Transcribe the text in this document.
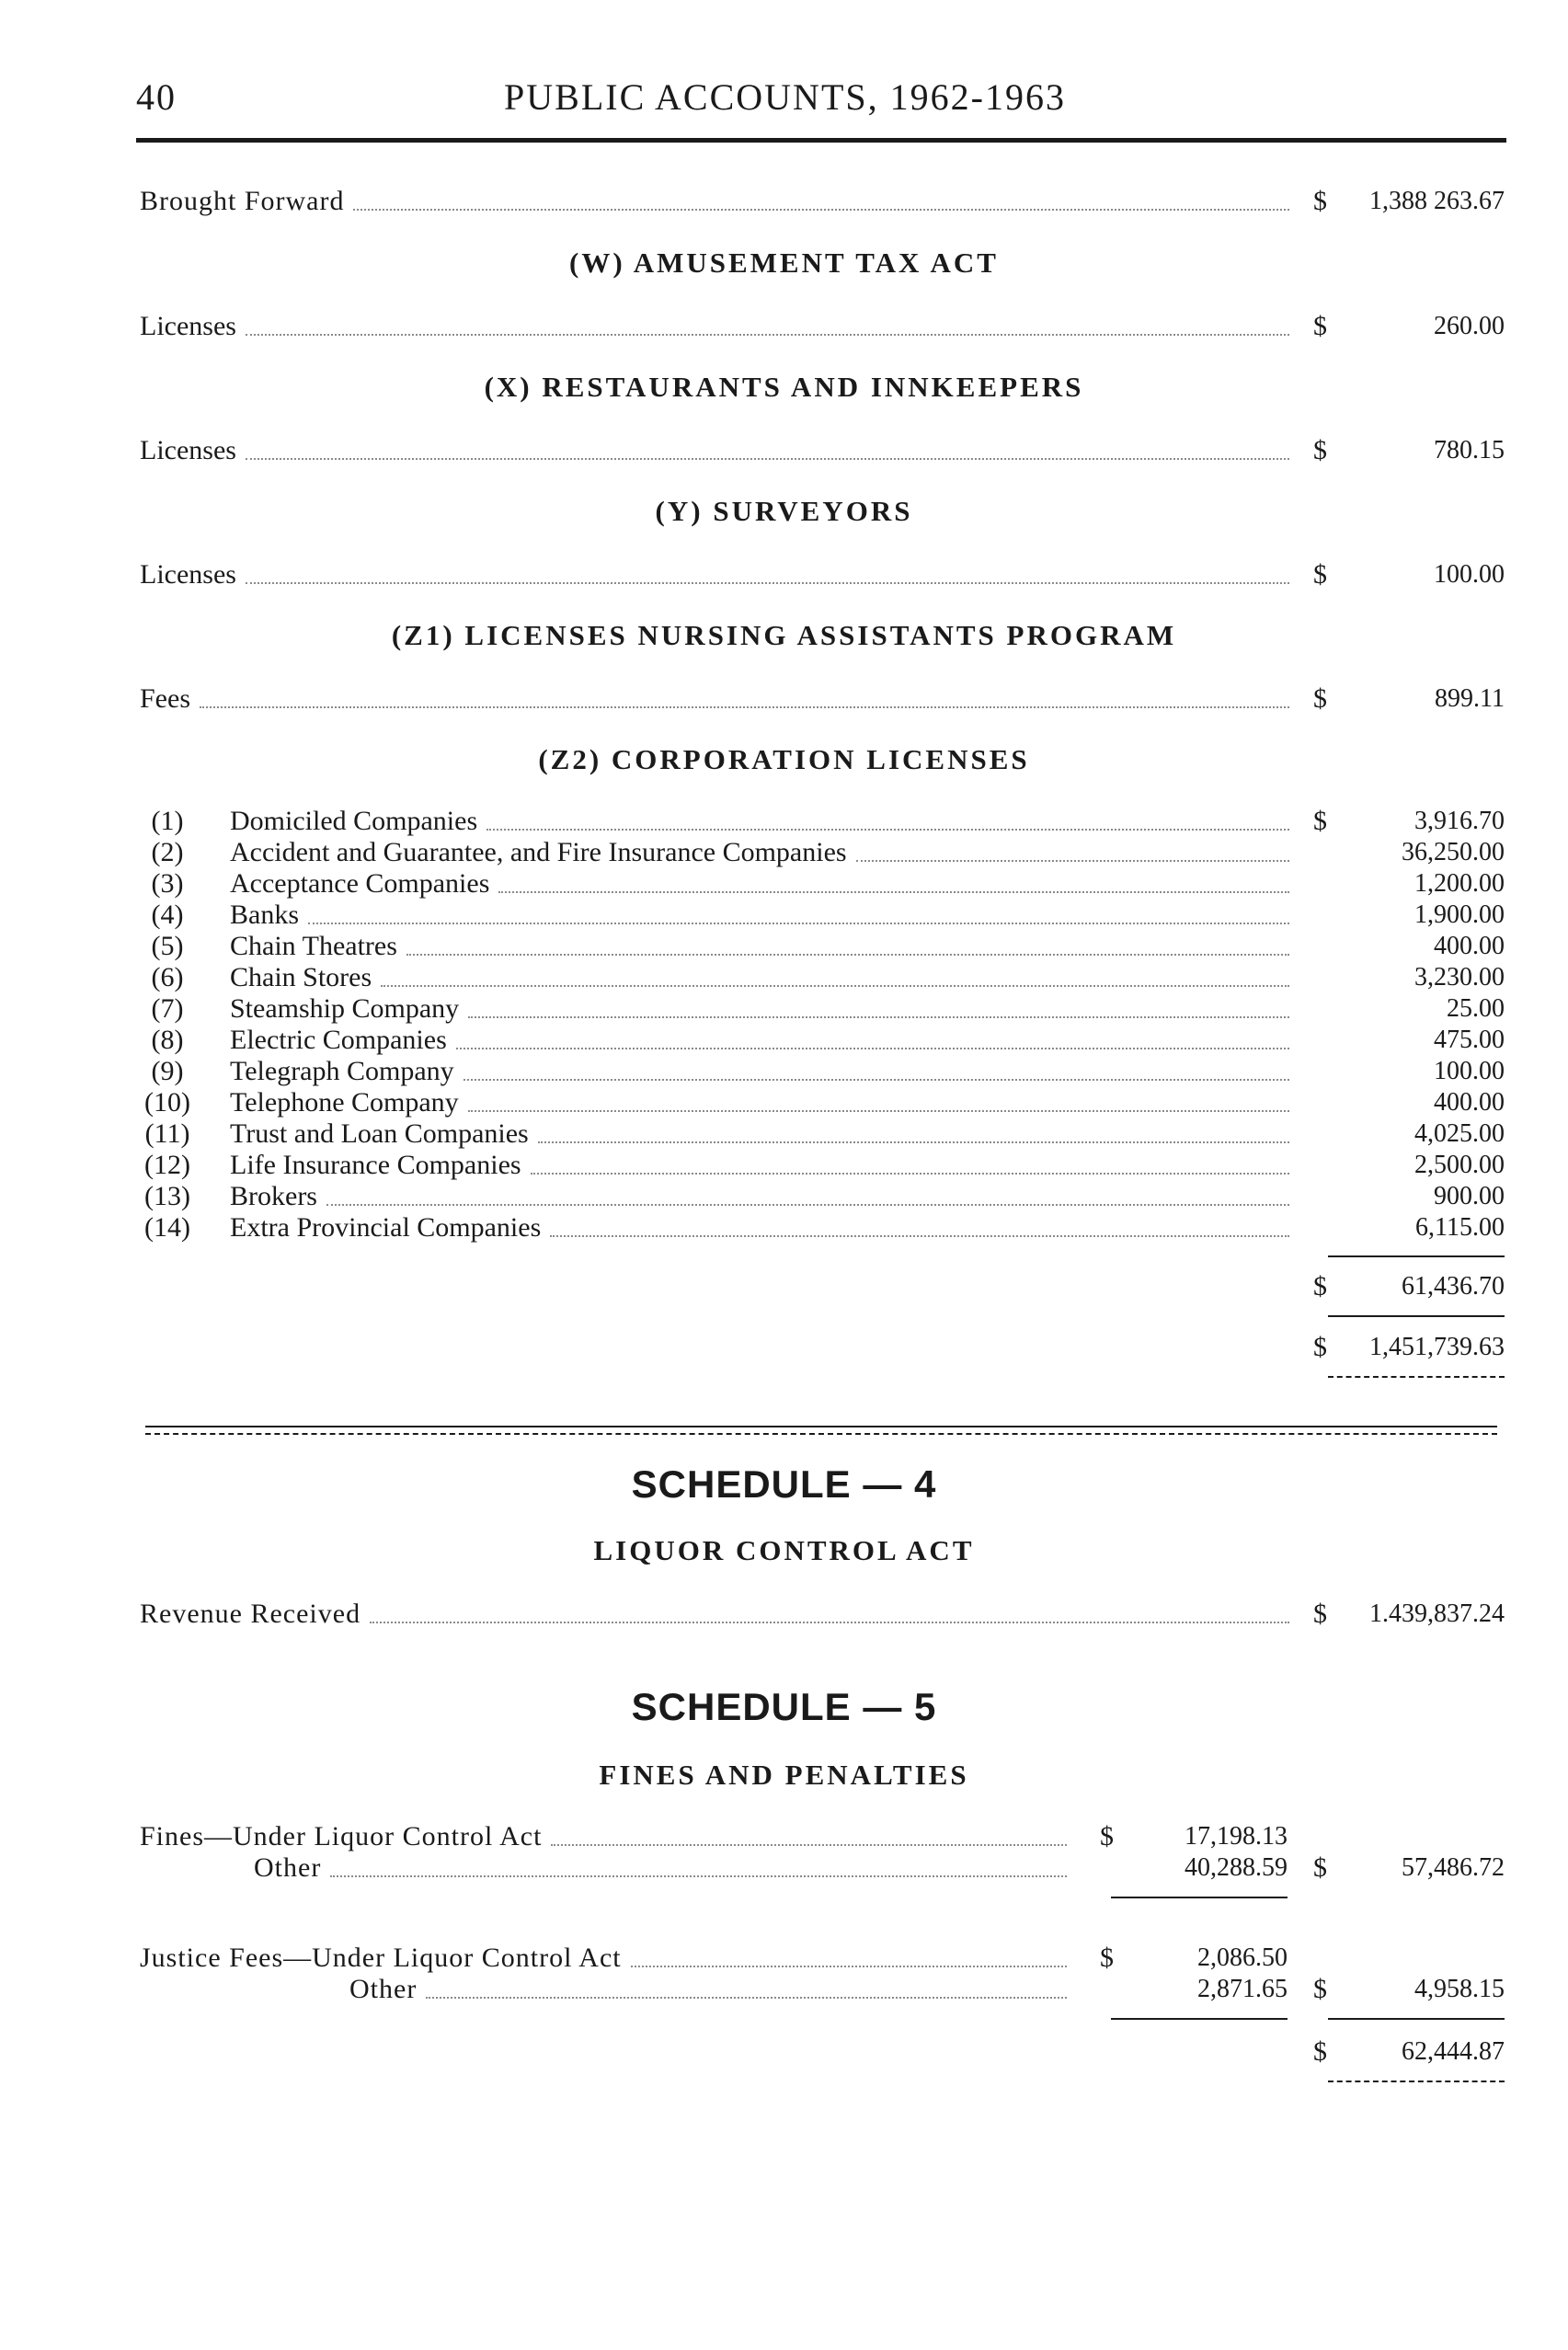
40	PUBLIC ACCOUNTS, 1962-1963
Brought Forward	$	1,388 263.67
(W) AMUSEMENT TAX ACT
Licenses	$	260.00
(X) RESTAURANTS AND INNKEEPERS
Licenses	$	780.15
(Y) SURVEYORS
Licenses	$	100.00
(Z1) LICENSES NURSING ASSISTANTS PROGRAM
Fees	$	899.11
(Z2) CORPORATION LICENSES
$
(1)	Domiciled Companies	3,916.70
(2)	Accident and Guarantee, and Fire Insurance Companies	36,250.00
(3)	Acceptance Companies	1,200.00
(4)	Banks	1,900.00
(5)	Chain Theatres	400.00
(6)	Chain Stores	3,230.00
(7)	Steamship Company	25.00
(8)	Electric Companies	475.00
(9)	Telegraph Company	100.00
(10)	Telephone Company	400.00
(11)	Trust and Loan Companies	4,025.00
(12)	Life Insurance Companies	2,500.00
(13)	Brokers	900.00
(14)	Extra Provincial Companies	6,115.00
$	61,436.70
$	1,451,739.63
SCHEDULE — 4
LIQUOR CONTROL ACT
Revenue Received	$	1.439,837.24
SCHEDULE — 5
FINES AND PENALTIES
Fines—Under Liquor Control Act	$	17,198.13
Other	40,288.59 $	57,486.72
Justice Fees—Under Liquor Control Act	$	2,086.50
Other	2,871.65 $	4,958.15
$	62,444.87
